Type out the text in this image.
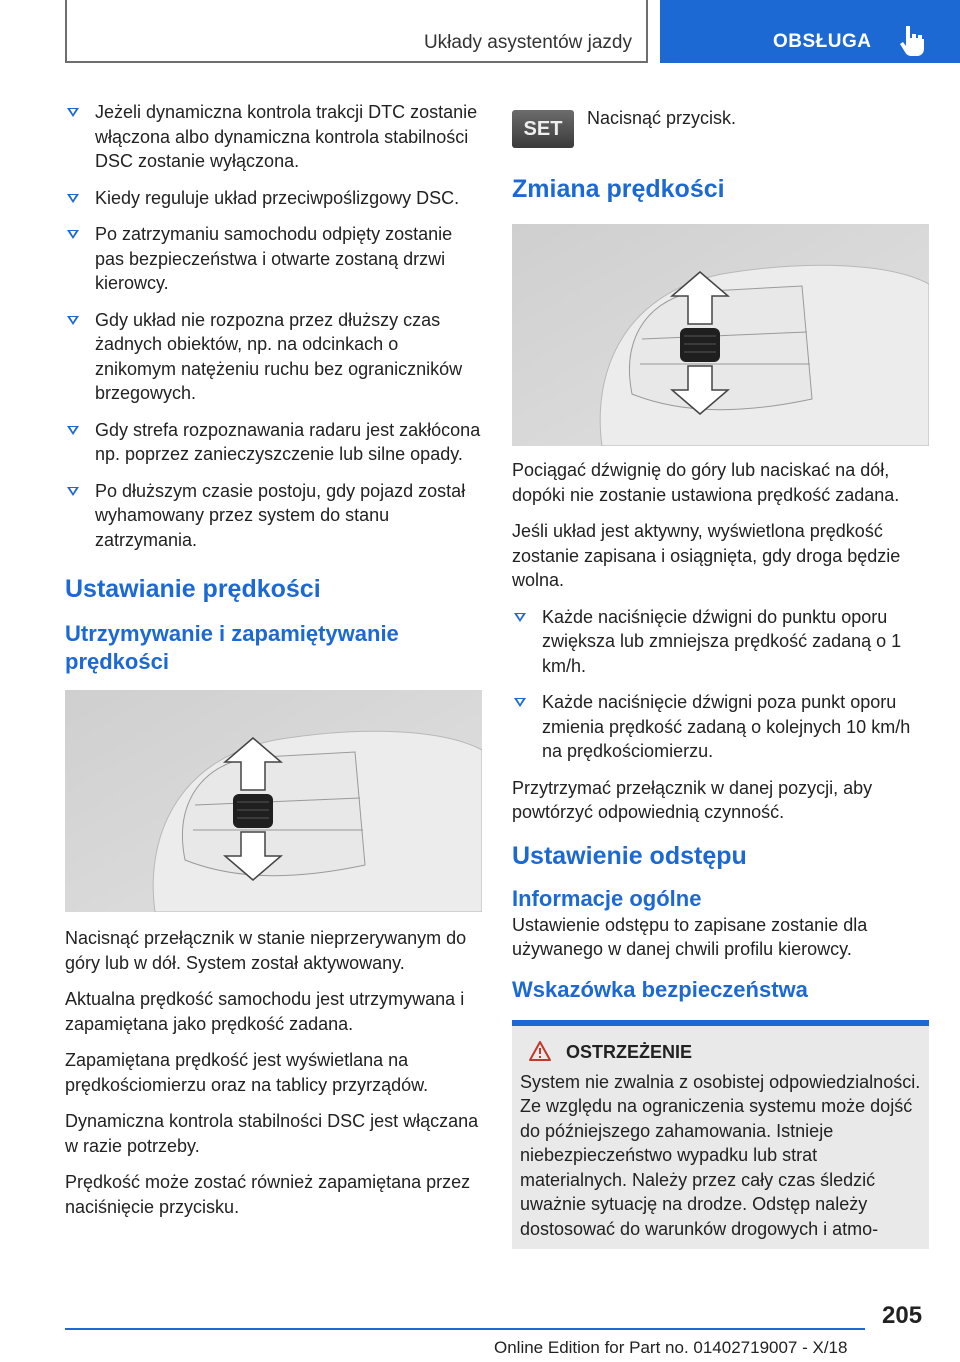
Układy asystentów jazdy	OBSŁUGA
Jeżeli dynamiczna kontrola trakcji DTC zostanie włączona albo dynamiczna kontrola stabilności DSC zostanie wyłączona.
Kiedy reguluje układ przeciwpoślizgowy DSC.
Po zatrzymaniu samochodu odpięty zostanie pas bezpieczeństwa i otwarte zostaną drzwi kierowcy.
Gdy układ nie rozpozna przez dłuższy czas żadnych obiektów, np. na odcinkach o znikomym natężeniu ruchu bez ograniczników brzegowych.
Gdy strefa rozpoznawania radaru jest zakłócona np. poprzez zanieczyszczenie lub silne opady.
Po dłuższym czasie postoju, gdy pojazd został wyhamowany przez system do stanu zatrzymania.
Ustawianie prędkości
Utrzymywanie i zapamiętywanie prędkości

Nacisnąć przełącznik w stanie nieprzerywanym do góry lub w dół. System został aktywowany.

Aktualna prędkość samochodu jest utrzymywana i zapamiętana jako prędkość zadana.

Zapamiętana prędkość jest wyświetlana na prędkościomierzu oraz na tablicy przyrządów.

Dynamiczna kontrola stabilności DSC jest włączana w razie potrzeby.

Prędkość może zostać również zapamiętana przez naciśnięcie przycisku.

SET	Nacisnąć przycisk.
Zmiana prędkości

Pociągać dźwignię do góry lub naciskać na dół, dopóki nie zostanie ustawiona prędkość zadana.

Jeśli układ jest aktywny, wyświetlona prędkość zostanie zapisana i osiągnięta, gdy droga będzie wolna.

Każde naciśnięcie dźwigni do punktu oporu zwiększa lub zmniejsza prędkość zadaną o 1 km/h.
Każde naciśnięcie dźwigni poza punkt oporu zmienia prędkość zadaną o kolejnych 10 km/h na prędkościomierzu.

Przytrzymać przełącznik w danej pozycji, aby powtórzyć odpowiednią czynność.

Ustawienie odstępu
Informacje ogólne

Ustawienie odstępu to zapisane zostanie dla używanego w danej chwili profilu kierowcy.

Wskazówka bezpieczeństwa
OSTRZEŻENIE

System nie zwalnia z osobistej odpowiedzialności. Ze względu na ograniczenia systemu może dojść do późniejszego zahamowania. Istnieje niebezpieczeństwo wypadku lub strat materialnych. Należy przez cały czas śledzić uważnie sytuację na drodze. Odstęp należy dostosować do warunków drogowych i atmo-

205
Online Edition for Part no. 01402719007 - X/18
